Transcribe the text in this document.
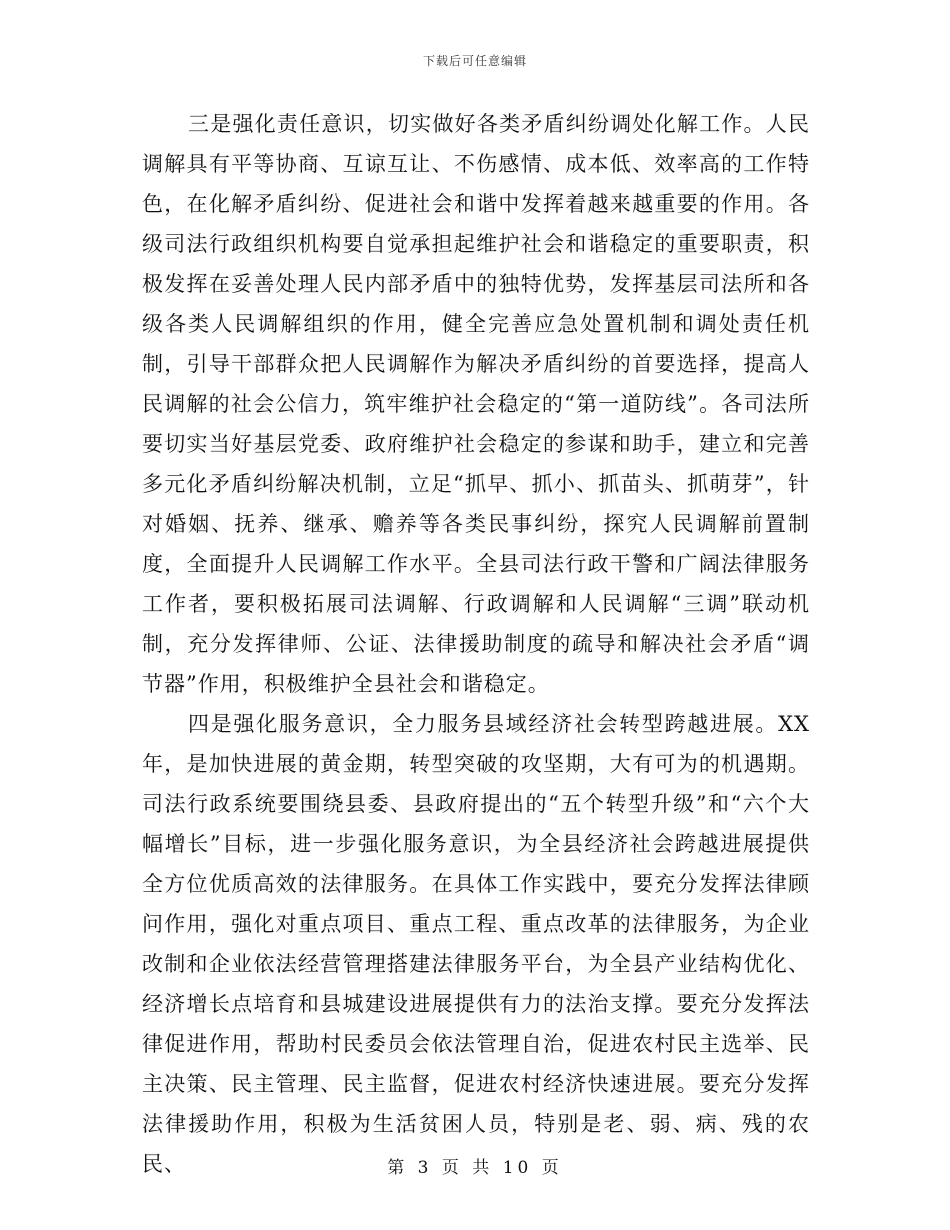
下载后可任意编辑

三是强化责任意识，切实做好各类矛盾纠纷调处化解工作。人民调解具有平等协商、互谅互让、不伤感情、成本低、效率高的工作特色，在化解矛盾纠纷、促进社会和谐中发挥着越来越重要的作用。各级司法行政组织机构要自觉承担起维护社会和谐稳定的重要职责，积极发挥在妥善处理人民内部矛盾中的独特优势，发挥基层司法所和各级各类人民调解组织的作用，健全完善应急处置机制和调处责任机制，引导干部群众把人民调解作为解决矛盾纠纷的首要选择，提高人民调解的社会公信力，筑牢维护社会稳定的“第一道防线”。各司法所要切实当好基层党委、政府维护社会稳定的参谋和助手，建立和完善多元化矛盾纠纷解决机制，立足“抓早、抓小、抓苗头、抓萌芽”，针对婚姻、抚养、继承、赡养等各类民事纠纷，探究人民调解前置制度，全面提升人民调解工作水平。全县司法行政干警和广阔法律服务工作者，要积极拓展司法调解、行政调解和人民调解“三调”联动机制，充分发挥律师、公证、法律援助制度的疏导和解决社会矛盾“调节器”作用，积极维护全县社会和谐稳定。

四是强化服务意识，全力服务县域经济社会转型跨越进展。XX年，是加快进展的黄金期，转型突破的攻坚期，大有可为的机遇期。司法行政系统要围绕县委、县政府提出的“五个转型升级”和“六个大幅增长”目标，进一步强化服务意识，为全县经济社会跨越进展提供全方位优质高效的法律服务。在具体工作实践中，要充分发挥法律顾问作用，强化对重点项目、重点工程、重点改革的法律服务，为企业改制和企业依法经营管理搭建法律服务平台，为全县产业结构优化、经济增长点培育和县城建设进展提供有力的法治支撑。要充分发挥法律促进作用，帮助村民委员会依法管理自治，促进农村民主选举、民主决策、民主管理、民主监督，促进农村经济快速进展。要充分发挥法律援助作用，积极为生活贫困人员，特别是老、弱、病、残的农民、	第 3 页 共 10 页
